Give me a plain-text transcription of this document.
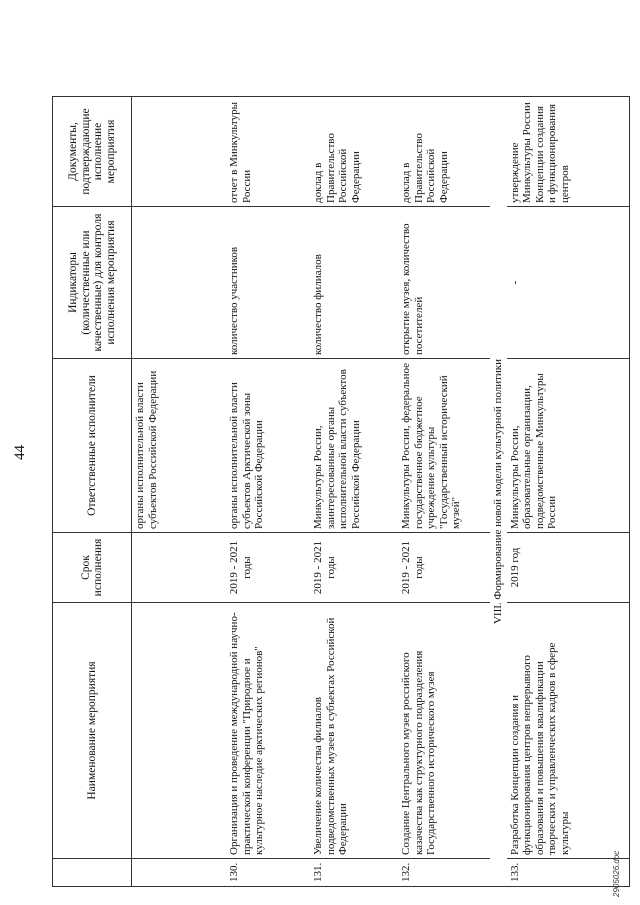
44
	Наименование мероприятия	Срок исполнения	Ответственные исполнители	Индикаторы (количественные или качественные) для контроля исполнения мероприятия	Документы, подтверждающие исполнение мероприятия
			органы исполнительной власти субъектов Российской Федерации		
130.	Организация и проведение международной научно-практической конференции "Природное и культурное наследие арктических регионов"	2019 - 2021 годы	органы исполнительной власти субъектов Арктической зоны Российской Федерации	количество участников	отчет в Минкультуры России
131.	Увеличение количества филиалов подведомственных музеев в субъектах Российской Федерации	2019 - 2021 годы	Минкультуры России, заинтересованные органы исполнительной власти субъектов Российской Федерации	количество филиалов	доклад в Правительство Российской Федерации
132.	Создание Центрального музея российского казачества как структурного подразделения Государственного исторического музея	2019 - 2021 годы	Минкультуры России, федеральное государственное бюджетное учреждение культуры "Государственный исторический музей"	открытие музея, количество посетителей	доклад в Правительство Российской Федерации
VIII. Формирование новой модели культурной политики					
133.	Разработка Концепции создания и функционирования центров непрерывного образования и повышения квалификации творческих и управленческих кадров в сфере культуры	2019 год	Минкультуры России, образовательные организации, подведомственные Минкультуры России	-	утверждение Минкультуры России Концепции создания и функционирования центров
2905026.doc
